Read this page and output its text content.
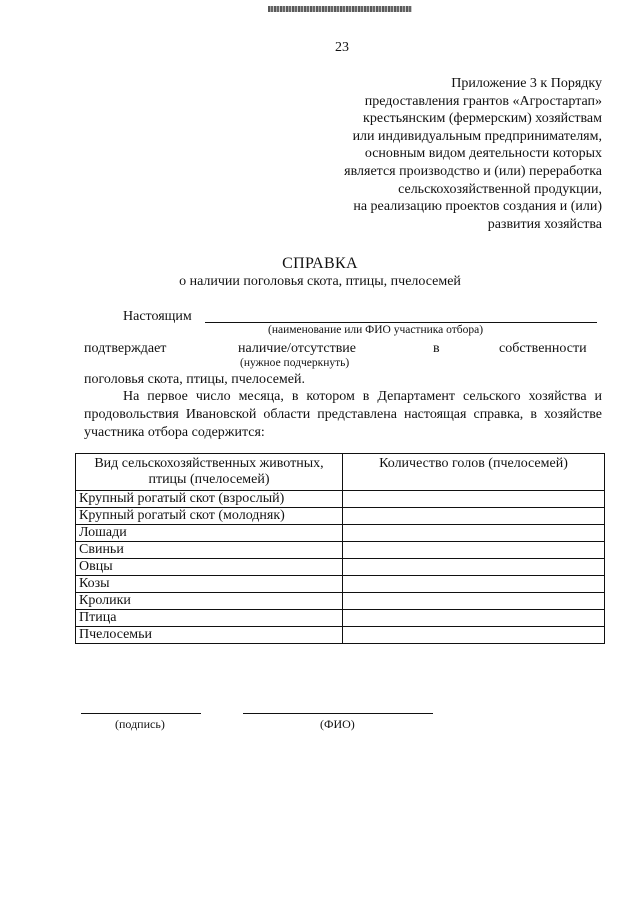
23
Приложение 3 к Порядку
предоставления грантов «Агростартап»
крестьянским (фермерским) хозяйствам
или индивидуальным предпринимателям,
основным видом деятельности которых
является производство и (или) переработка
сельскохозяйственной продукции,
на реализацию проектов создания и (или)
развития хозяйства
СПРАВКА
о наличии поголовья скота, птицы, пчелосемей
Настоящим
(наименование или ФИО участника отбора)
подтверждает	наличие/отсутствие	в	собственности
(нужное подчеркнуть)
поголовья скота, птицы, пчелосемей.
На первое число месяца, в котором в Департамент сельского хозяйства и продовольствия Ивановской области представлена настоящая справка, в хозяйстве участника отбора содержится:
Вид сельскохозяйственных животных, птицы (пчелосемей)	Количество голов (пчелосемей)
Крупный рогатый скот (взрослый)	
Крупный рогатый скот (молодняк)	
Лошади	
Свиньи	
Овцы	
Козы	
Кролики	
Птица	
Пчелосемьи	
(подпись)	(ФИО)
